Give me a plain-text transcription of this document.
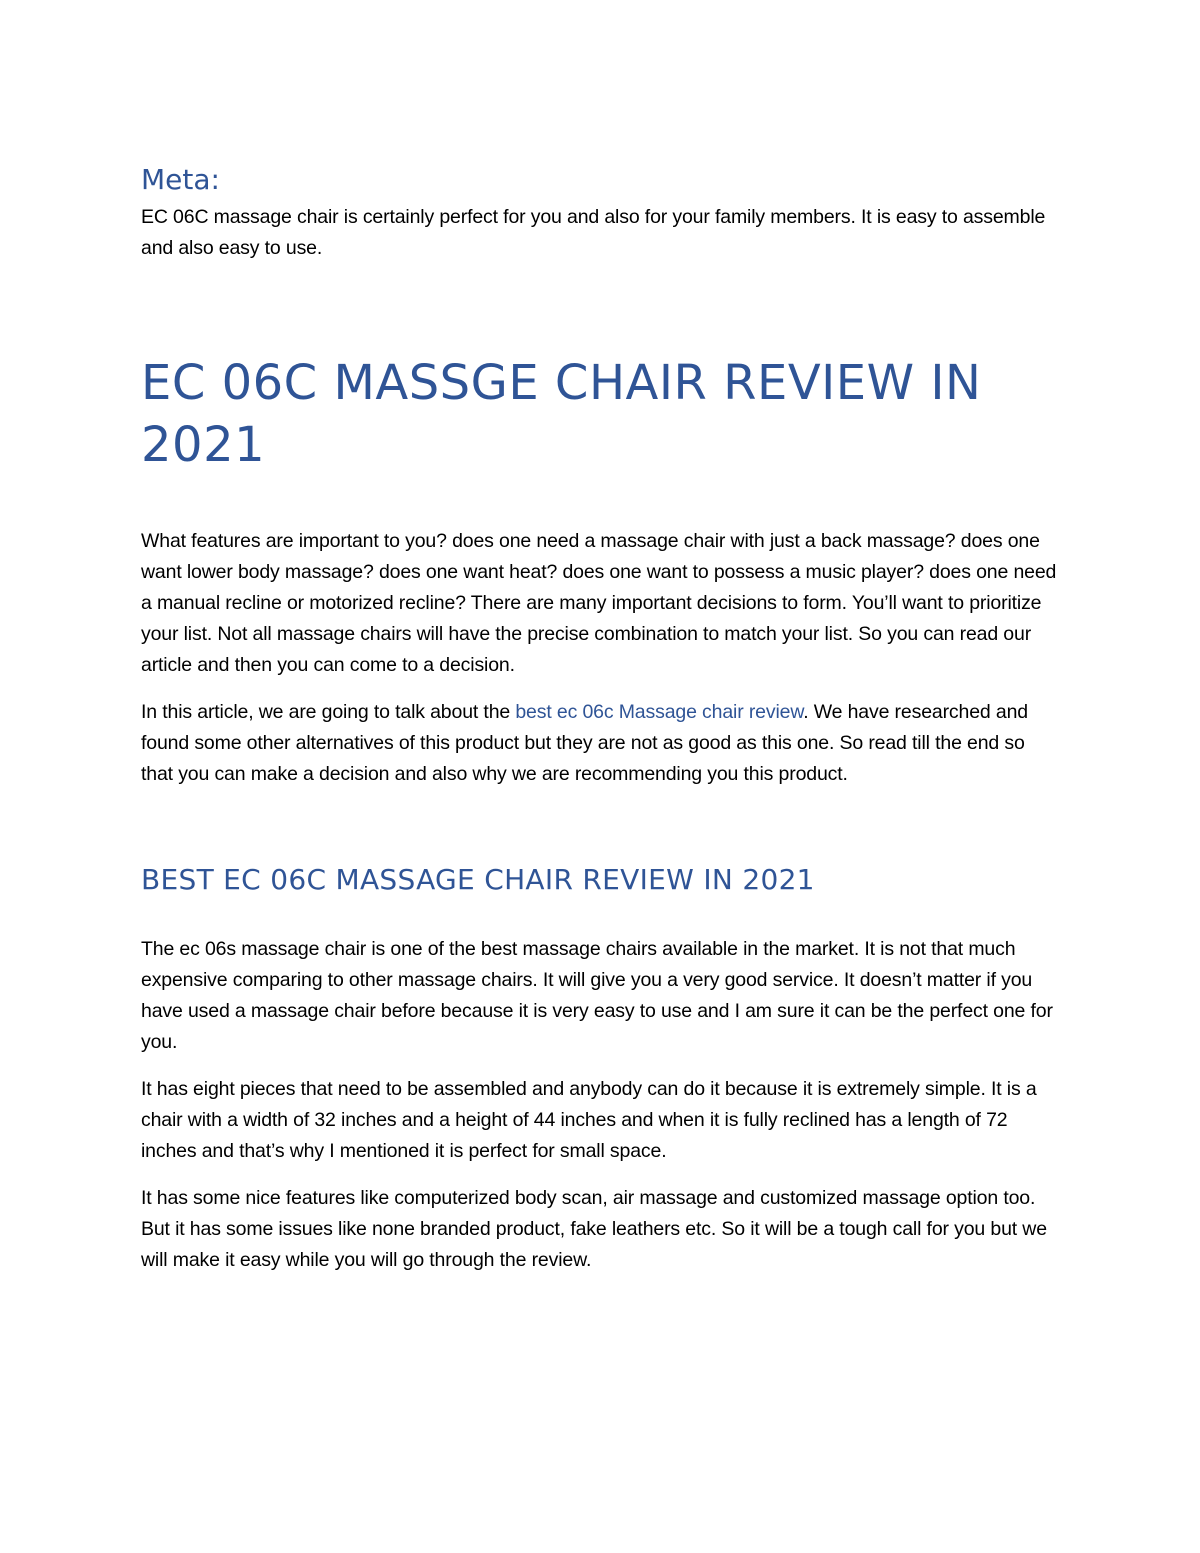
Meta:

EC 06C massage chair is certainly perfect for you and also for your family members. It is easy to assemble and also easy to use.

EC 06C MASSGE CHAIR REVIEW IN 2021

What features are important to you? does one need a massage chair with just a back massage? does one want lower body massage? does one want heat? does one want to possess a music player? does one need a manual recline or motorized recline? There are many important decisions to form. You’ll want to prioritize your list. Not all massage chairs will have the precise combination to match your list. So you can read our article and then you can come to a decision.

In this article, we are going to talk about the best ec 06c Massage chair review. We have researched and found some other alternatives of this product but they are not as good as this one. So read till the end so that you can make a decision and also why we are recommending you this product.

BEST EC 06C MASSAGE CHAIR REVIEW IN 2021

The ec 06s massage chair is one of the best massage chairs available in the market. It is not that much expensive comparing to other massage chairs. It will give you a very good service. It doesn’t matter if you have used a massage chair before because it is very easy to use and I am sure it can be the perfect one for you.

It has eight pieces that need to be assembled and anybody can do it because it is extremely simple. It is a chair with a width of 32 inches and a height of 44 inches and when it is fully reclined has a length of 72 inches and that’s why I mentioned it is perfect for small space.

It has some nice features like computerized body scan, air massage and customized massage option too. But it has some issues like none branded product, fake leathers etc. So it will be a tough call for you but we will make it easy while you will go through the review.
